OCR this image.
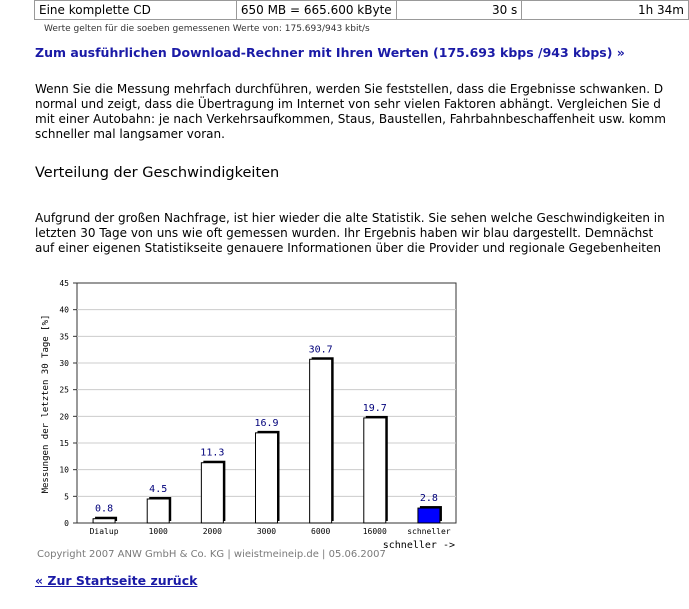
Eine komplette CD	650 MB = 665.600 kByte	30 s	1h 34m
Werte gelten für die soeben gemessenen Werte von: 175.693/943 kbit/s
Zum ausführlichen Download-Rechner mit Ihren Werten (175.693 kbps /943 kbps) »
Wenn Sie die Messung mehrfach durchführen, werden Sie feststellen, dass die Ergebnisse schwanken. D
normal und zeigt, dass die Übertragung im Internet von sehr vielen Faktoren abhängt. Vergleichen Sie d
mit einer Autobahn: je nach Verkehrsaufkommen, Staus, Baustellen, Fahrbahnbeschaffenheit usw. komm
schneller mal langsamer voran.
Verteilung der Geschwindigkeiten
Aufgrund der großen Nachfrage, ist hier wieder die alte Statistik. Sie sehen welche Geschwindigkeiten in
letzten 30 Tage von uns wie oft gemessen wurden. Ihr Ergebnis haben wir blau dargestellt. Demnächst
auf einer eigenen Statistikseite genauere Informationen über die Provider und regionale Gegebenheiten
0
5
10
15
20
25
30
35
40
45
0.8
4.5
11.3
16.9
30.7
19.7
2.8
Dialup	1000	2000	3000	6000	16000	schneller
Messungen der letzten 30 Tage [%]
schneller ->
Copyright 2007 ANW GmbH & Co. KG | wieistmeineip.de | 05.06.2007
« Zur Startseite zurück
